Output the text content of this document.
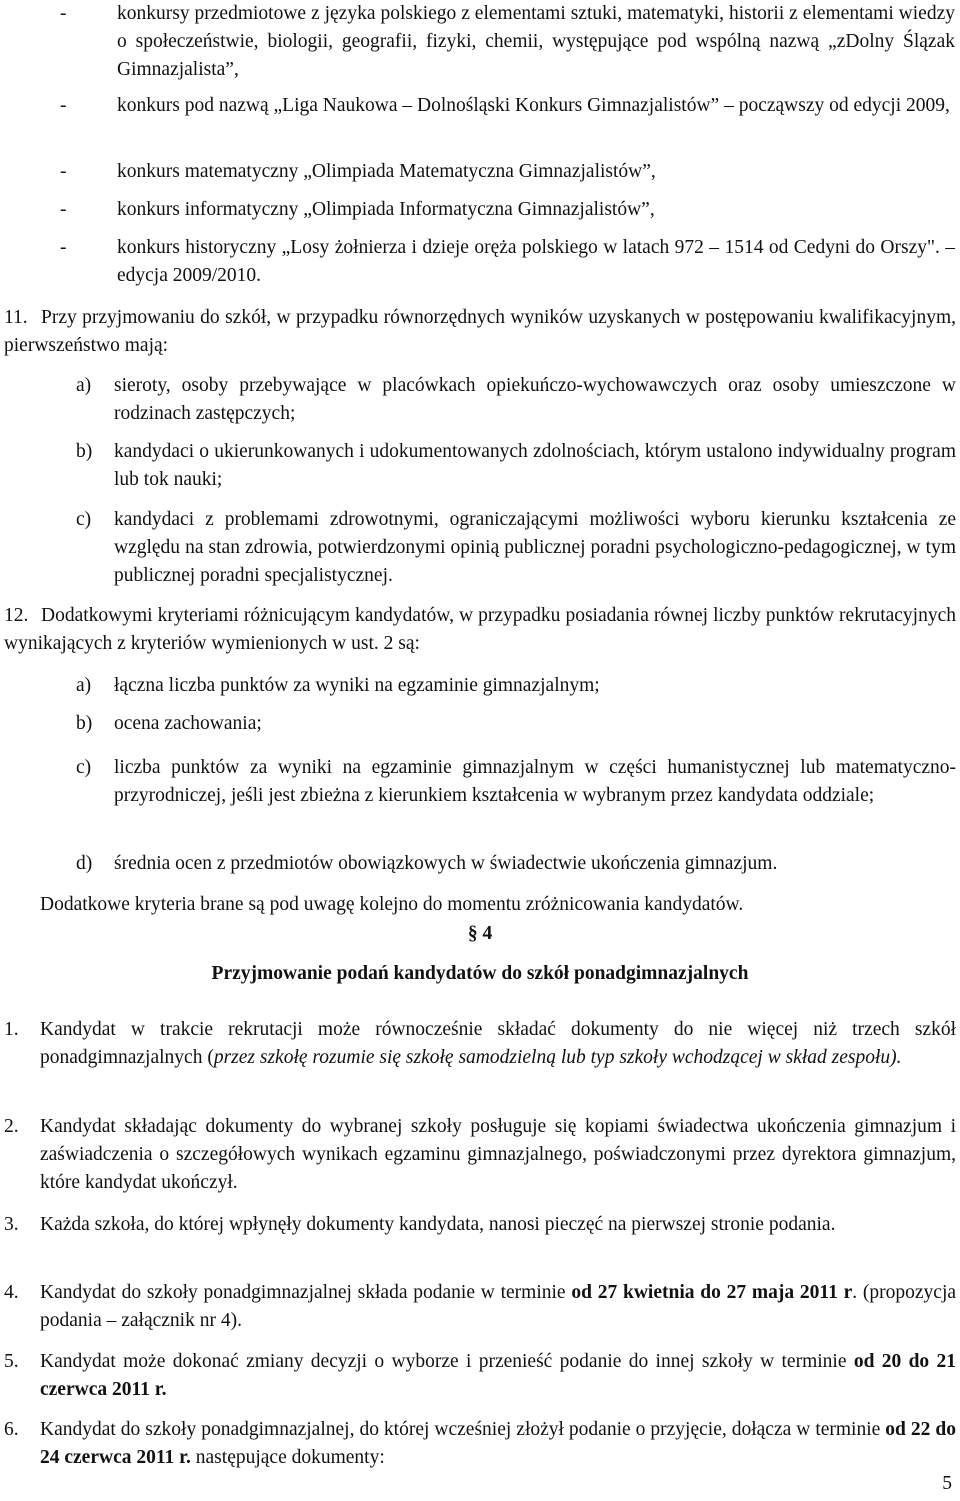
-	konkursy przedmiotowe z języka polskiego z elementami sztuki, matematyki, historii z elementami wiedzy o społeczeństwie, biologii, geografii, fizyki, chemii, występujące pod wspólną nazwą „zDolny Ślązak Gimnazjalista”,
-	konkurs pod nazwą „Liga Naukowa – Dolnośląski Konkurs Gimnazjalistów” – począwszy od edycji 2009,
-	konkurs matematyczny „Olimpiada Matematyczna Gimnazjalistów”,
-	konkurs informatyczny „Olimpiada Informatyczna Gimnazjalistów”,
-	konkurs historyczny „Losy żołnierza i dzieje oręża polskiego w latach 972 – 1514 od Cedyni do Orszy". – edycja 2009/2010.
11. Przy przyjmowaniu do szkół, w przypadku równorzędnych wyników uzyskanych w postępowaniu kwalifikacyjnym, pierwszeństwo mają:
a) sieroty, osoby przebywające w placówkach opiekuńczo-wychowawczych oraz osoby umieszczone w rodzinach zastępczych;
b) kandydaci o ukierunkowanych i udokumentowanych zdolnościach, którym ustalono indywidualny program lub tok nauki;
c) kandydaci z problemami zdrowotnymi, ograniczającymi możliwości wyboru kierunku kształcenia ze względu na stan zdrowia, potwierdzonymi opinią publicznej poradni psychologiczno-pedagogicznej, w tym publicznej poradni specjalistycznej.
12. Dodatkowymi kryteriami różnicującym kandydatów, w przypadku posiadania równej liczby punktów rekrutacyjnych wynikających z kryteriów wymienionych w ust. 2 są:
a) łączna liczba punktów za wyniki na egzaminie gimnazjalnym;
b) ocena zachowania;
c) liczba punktów za wyniki na egzaminie gimnazjalnym w części humanistycznej lub matematyczno-przyrodniczej, jeśli jest zbieżna z kierunkiem kształcenia w wybranym przez kandydata oddziale;
d) średnia ocen z przedmiotów obowiązkowych w świadectwie ukończenia gimnazjum.
Dodatkowe kryteria brane są pod uwagę kolejno do momentu zróżnicowania kandydatów.
§ 4
Przyjmowanie podań kandydatów do szkół ponadgimnazjalnych
1. Kandydat w trakcie rekrutacji może równocześnie składać dokumenty do nie więcej niż trzech szkół ponadgimnazjalnych (przez szkołę rozumie się szkołę samodzielną lub typ szkoły wchodzącej w skład zespołu).
2. Kandydat składając dokumenty do wybranej szkoły posługuje się kopiami świadectwa ukończenia gimnazjum i zaświadczenia o szczegółowych wynikach egzaminu gimnazjalnego, poświadczonymi przez dyrektora gimnazjum, które kandydat ukończył.
3. Każda szkoła, do której wpłynęły dokumenty kandydata, nanosi pieczęć na pierwszej stronie podania.
4. Kandydat do szkoły ponadgimnazjalnej składa podanie w terminie od 27 kwietnia do 27 maja 2011 r. (propozycja podania – załącznik nr 4).
5. Kandydat może dokonać zmiany decyzji o wyborze i przenieść podanie do innej szkoły w terminie od 20 do 21 czerwca 2011 r.
6. Kandydat do szkoły ponadgimnazjalnej, do której wcześniej złożył podanie o przyjęcie, dołącza w terminie od 22 do 24 czerwca 2011 r. następujące dokumenty:
5
